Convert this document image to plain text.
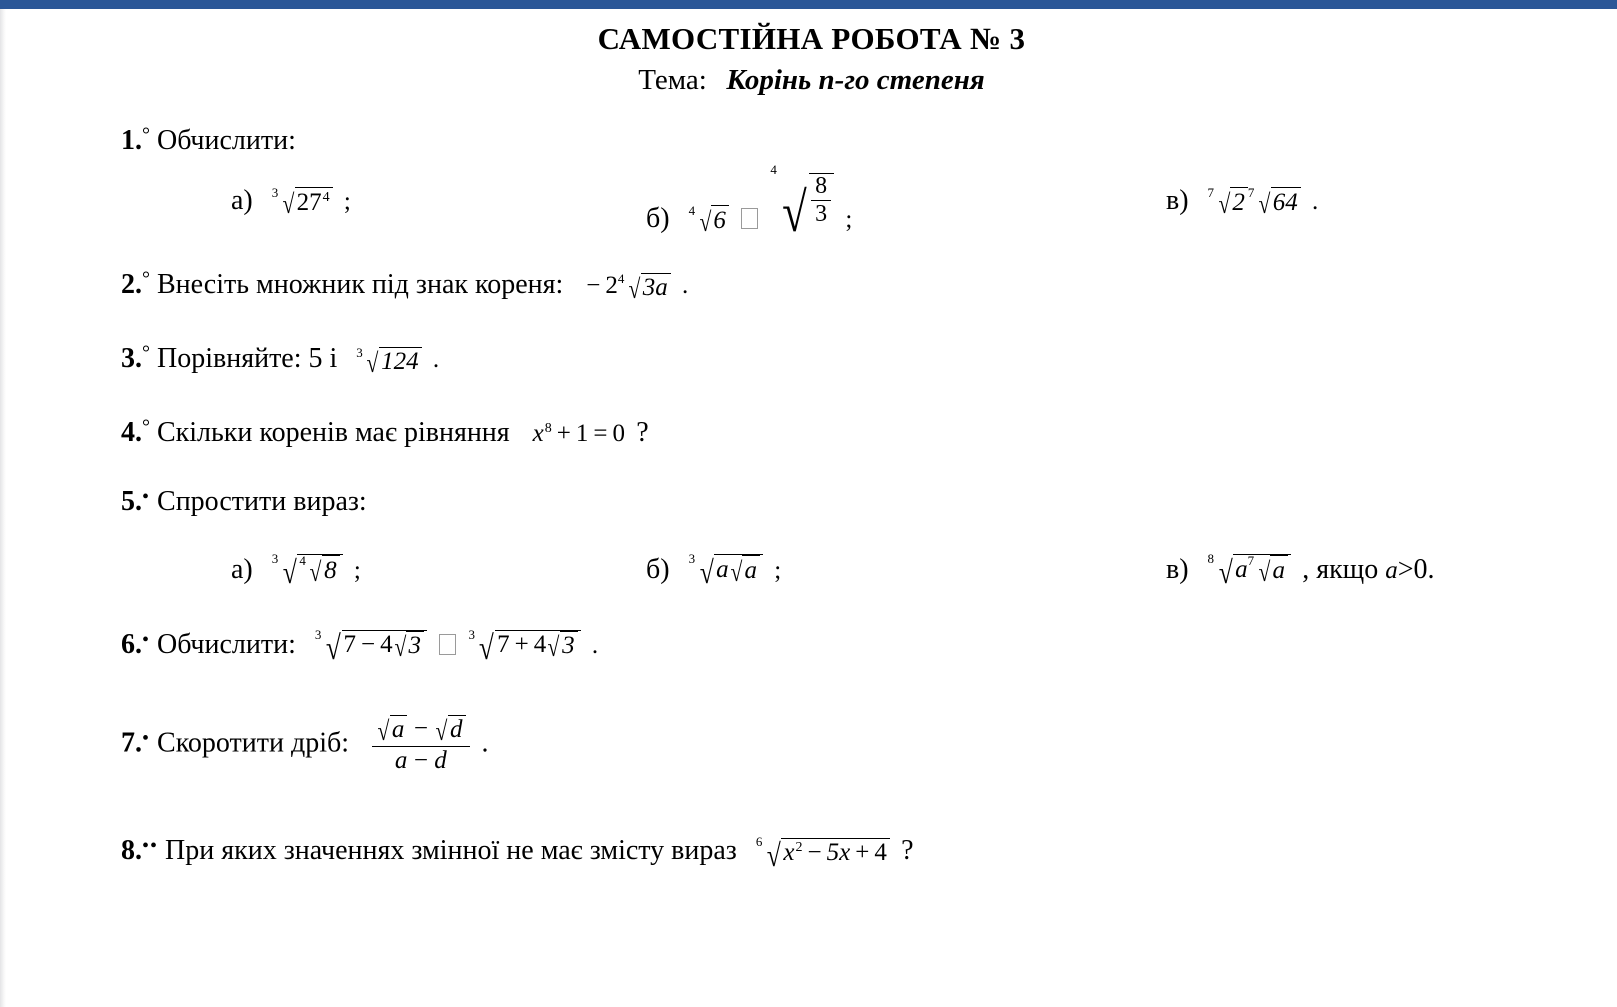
САМОСТІЙНА РОБОТА № 3
Тема: Корінь n-го степеня
1.° Обчислити:
а) 3 $√27^4$ ;
б) 4 √6
4
√ $\frac{8}{3}$ ;
в) 7 √2 7 √64 .
2.° Внесіть множник під знак кореня: − 2 4 √3a .
3.° Порівняйте: 5 і 3 √124 .
4.° Скільки коренів має рівняння $x^8 + 1 = 0$ ?
5.• Спростити вираз:
а) 3 √ 4 √8 ;	б) 3 √ a√a ;	в) 8 √ a 7 √a , якщо a>0.
6.• Обчислити: 3 √ 7 − 4√3	3 √ 7 + 4√3 .
7.• Скоротити дріб: $\frac{√a - √d}{a - d}$ .
8.•• При яких значеннях змінної не має змісту вираз 6 √ $x^2 - 5x + 4$ ?
